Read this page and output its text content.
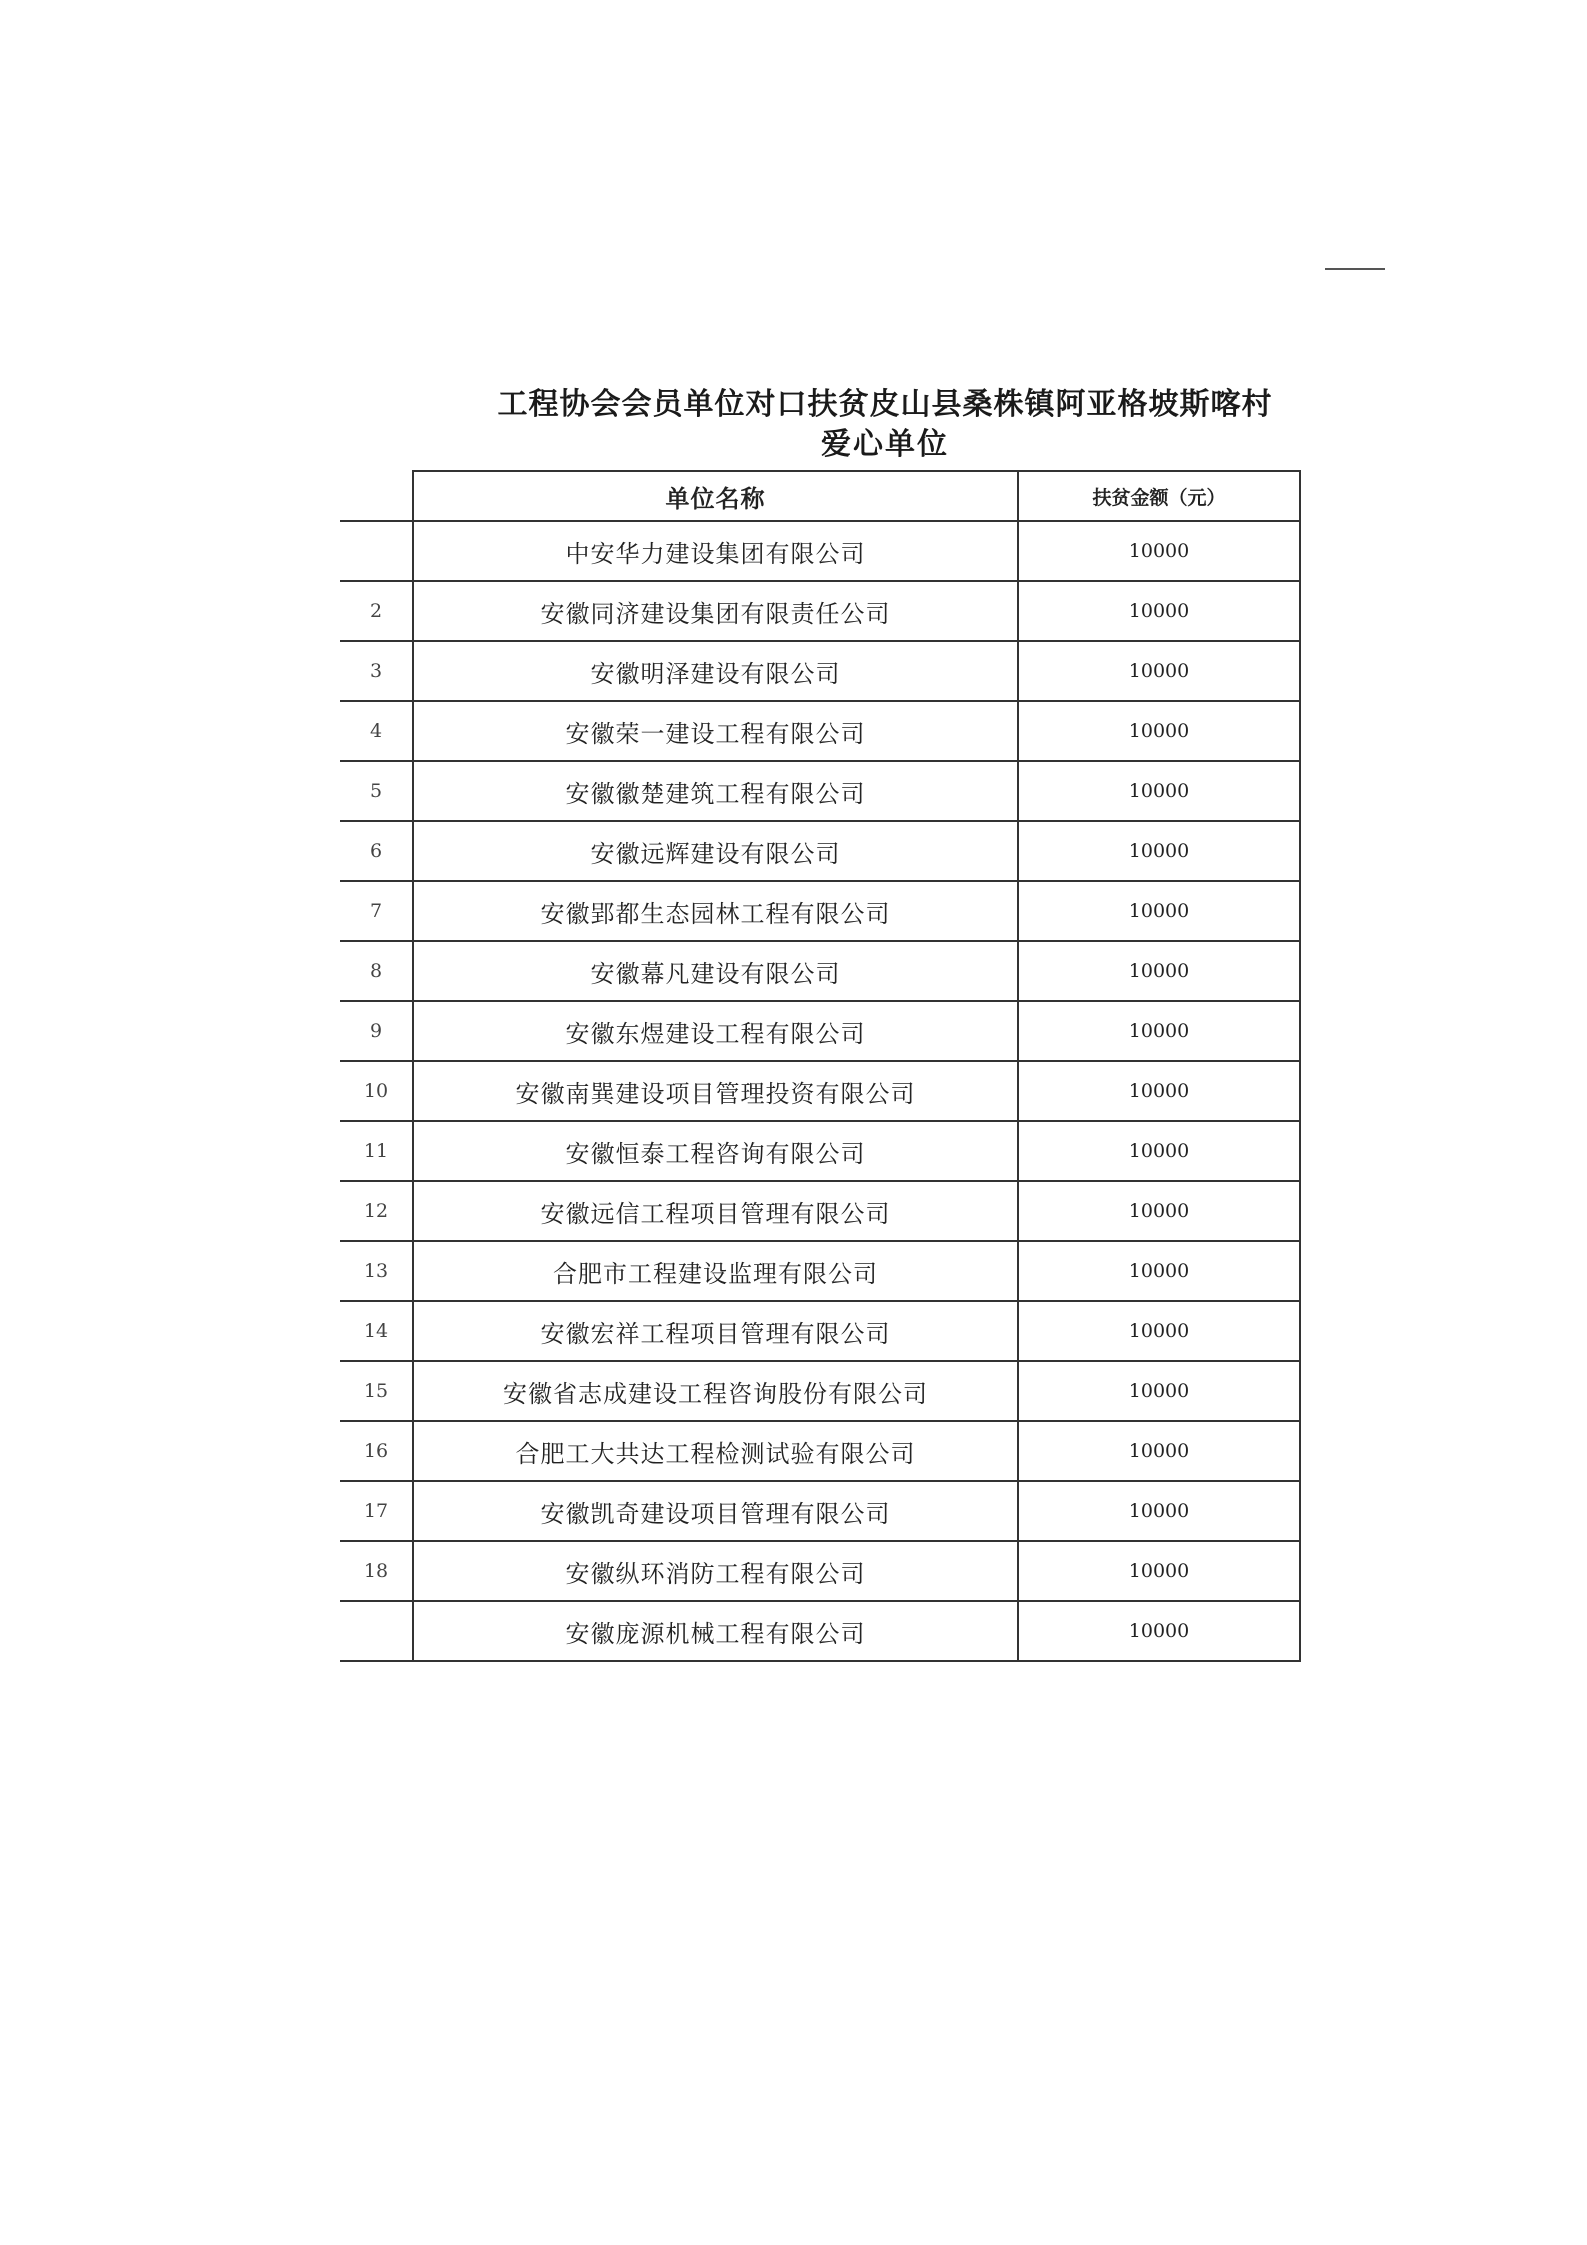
工程协会会员单位对口扶贫皮山县桑株镇阿亚格坡斯喀村
爱心单位
	单位名称	扶贫金额（元）
	中安华力建设集团有限公司	10000
2	安徽同济建设集团有限责任公司	10000
3	安徽明泽建设有限公司	10000
4	安徽荣一建设工程有限公司	10000
5	安徽徽楚建筑工程有限公司	10000
6	安徽远辉建设有限公司	10000
7	安徽郢都生态园林工程有限公司	10000
8	安徽幕凡建设有限公司	10000
9	安徽东煜建设工程有限公司	10000
10	安徽南巽建设项目管理投资有限公司	10000
11	安徽恒泰工程咨询有限公司	10000
12	安徽远信工程项目管理有限公司	10000
13	合肥市工程建设监理有限公司	10000
14	安徽宏祥工程项目管理有限公司	10000
15	安徽省志成建设工程咨询股份有限公司	10000
16	合肥工大共达工程检测试验有限公司	10000
17	安徽凯奇建设项目管理有限公司	10000
18	安徽纵环消防工程有限公司	10000
	安徽庞源机械工程有限公司	10000
